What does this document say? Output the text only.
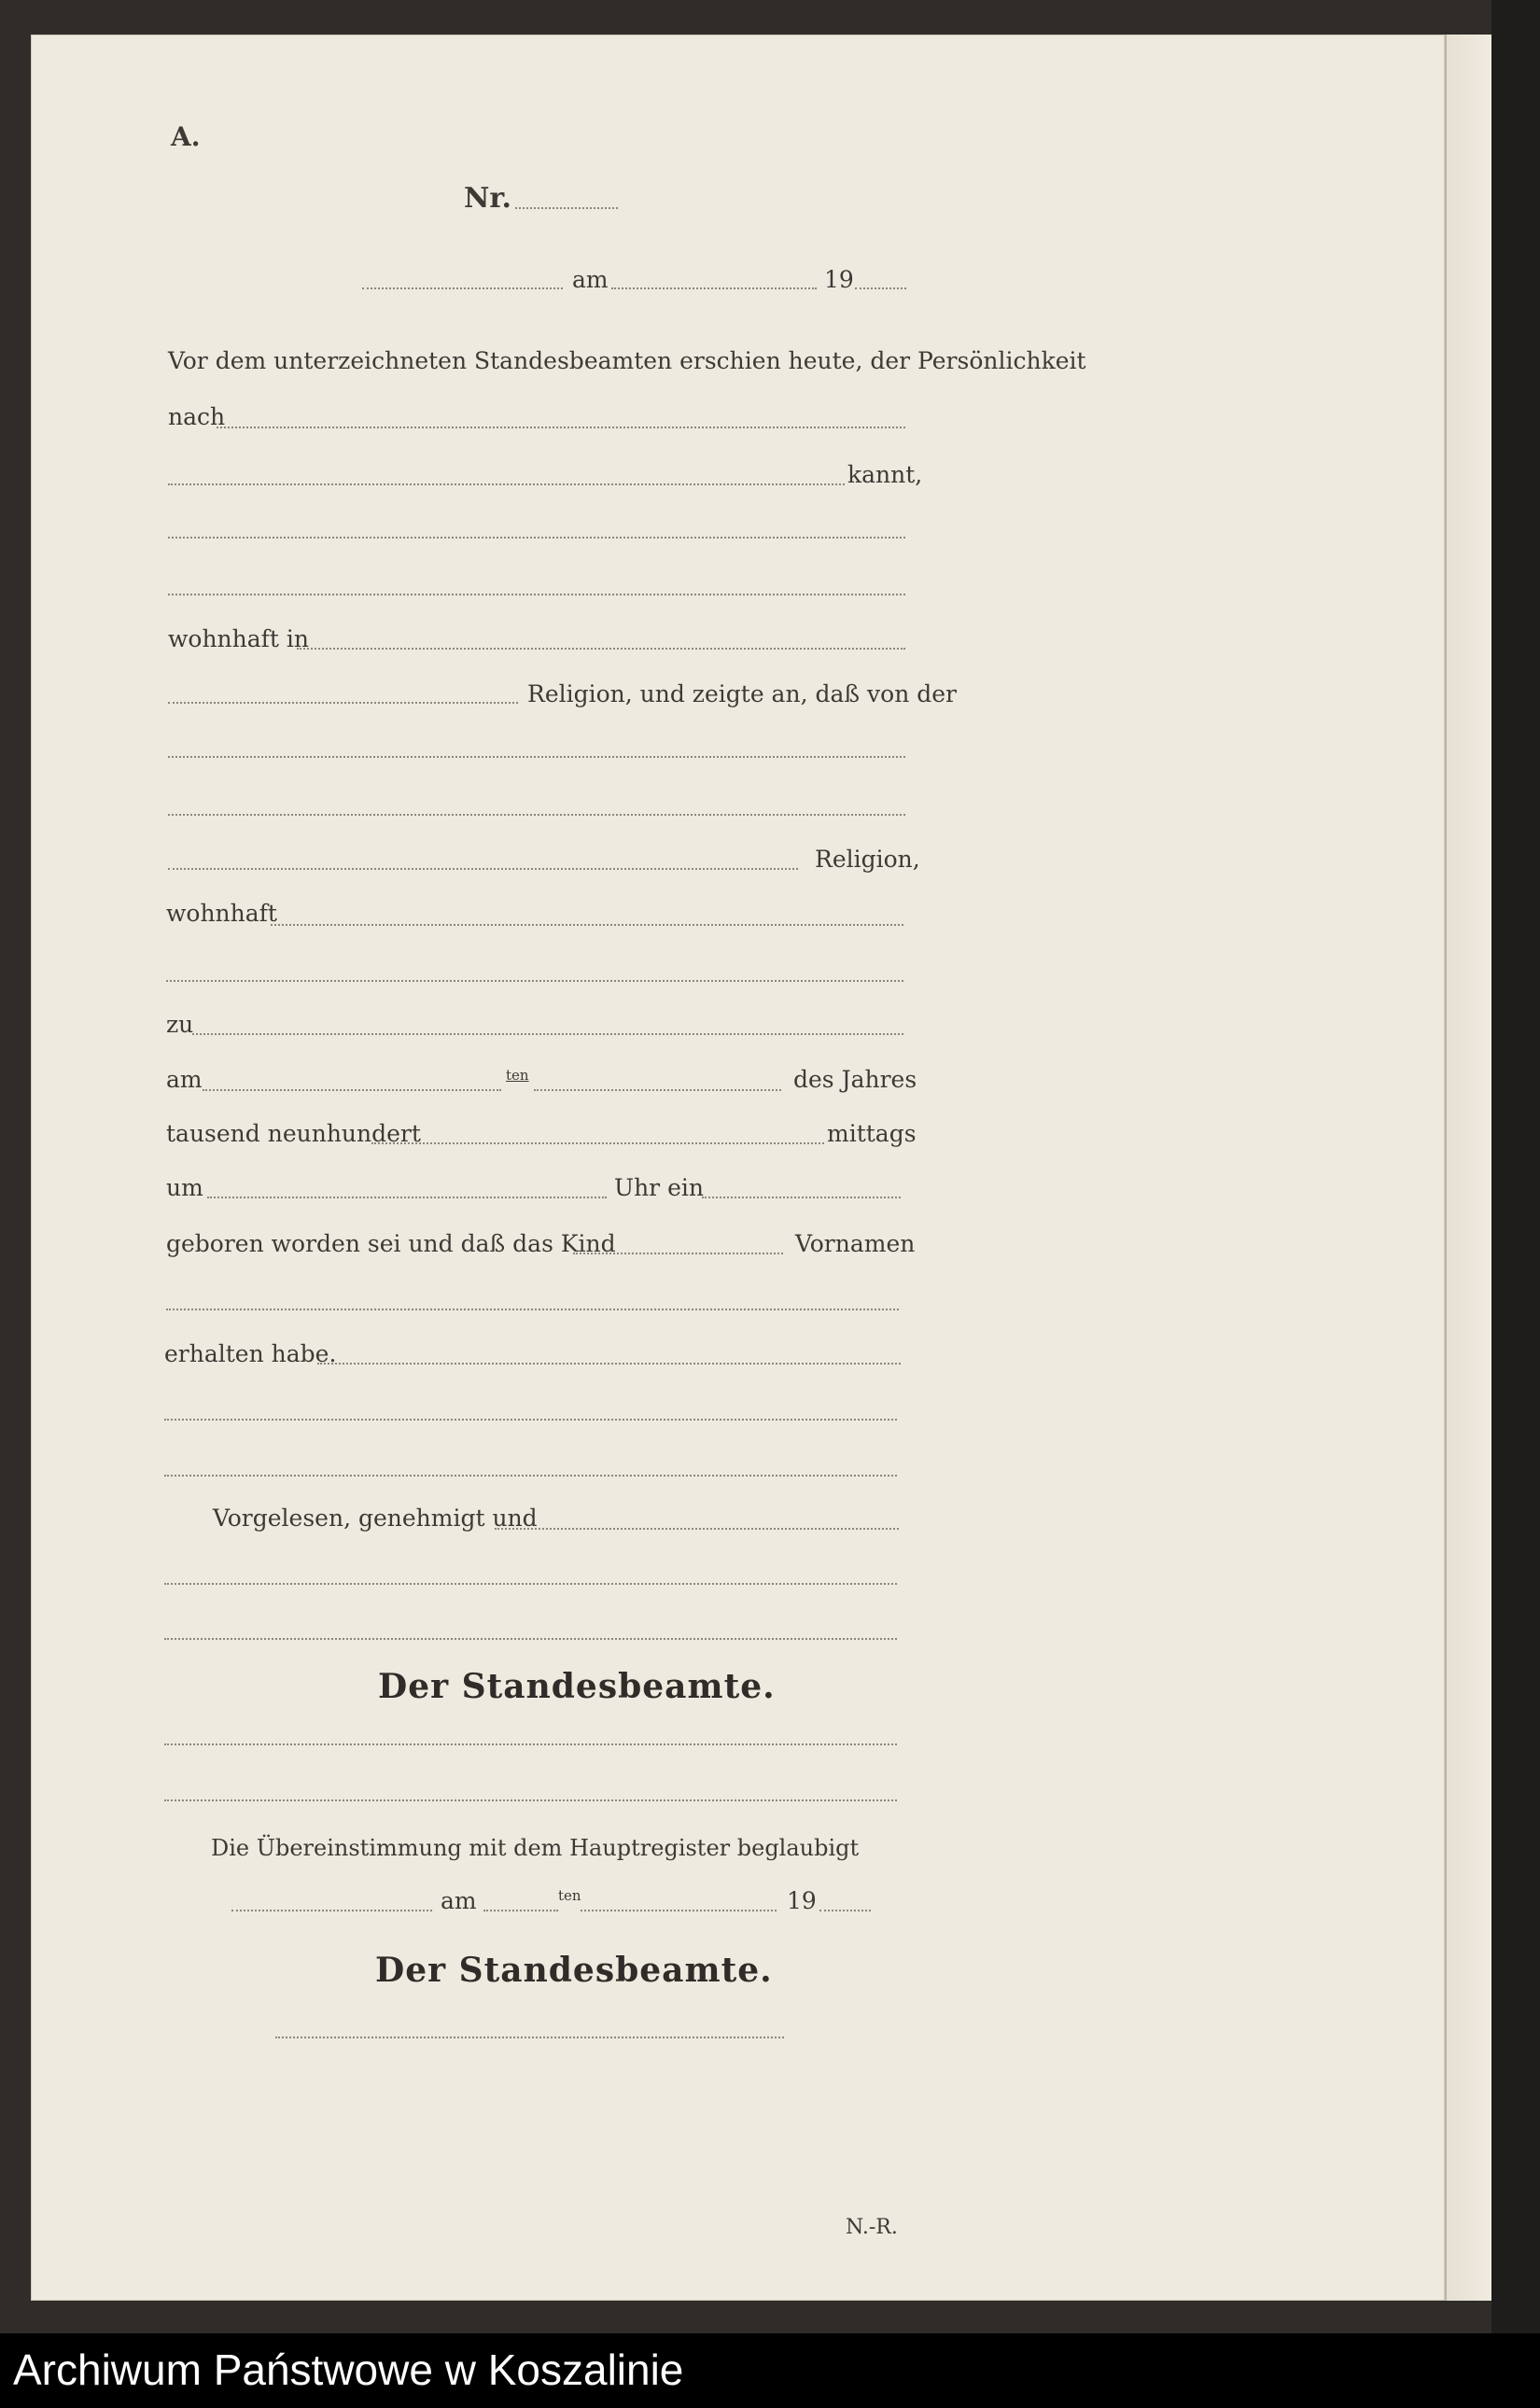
A.
Nr.
am	19
Vor dem unterzeichneten Standesbeamten erschien heute, der Persönlichkeit
nach
kannt,
wohnhaft in
Religion, und zeigte an, daß von der
Religion,
wohnhaft
zu
am	ten	des Jahres
tausend neunhundert	mittags
um	Uhr ein
geboren worden sei und daß das Kind	Vornamen
erhalten habe.
Vorgelesen, genehmigt und
Der Standesbeamte.
Die Übereinstimmung mit dem Hauptregister beglaubigt
am	ten	19
Der Standesbeamte.
N.-R.
Archiwum Państwowe w Koszalinie
